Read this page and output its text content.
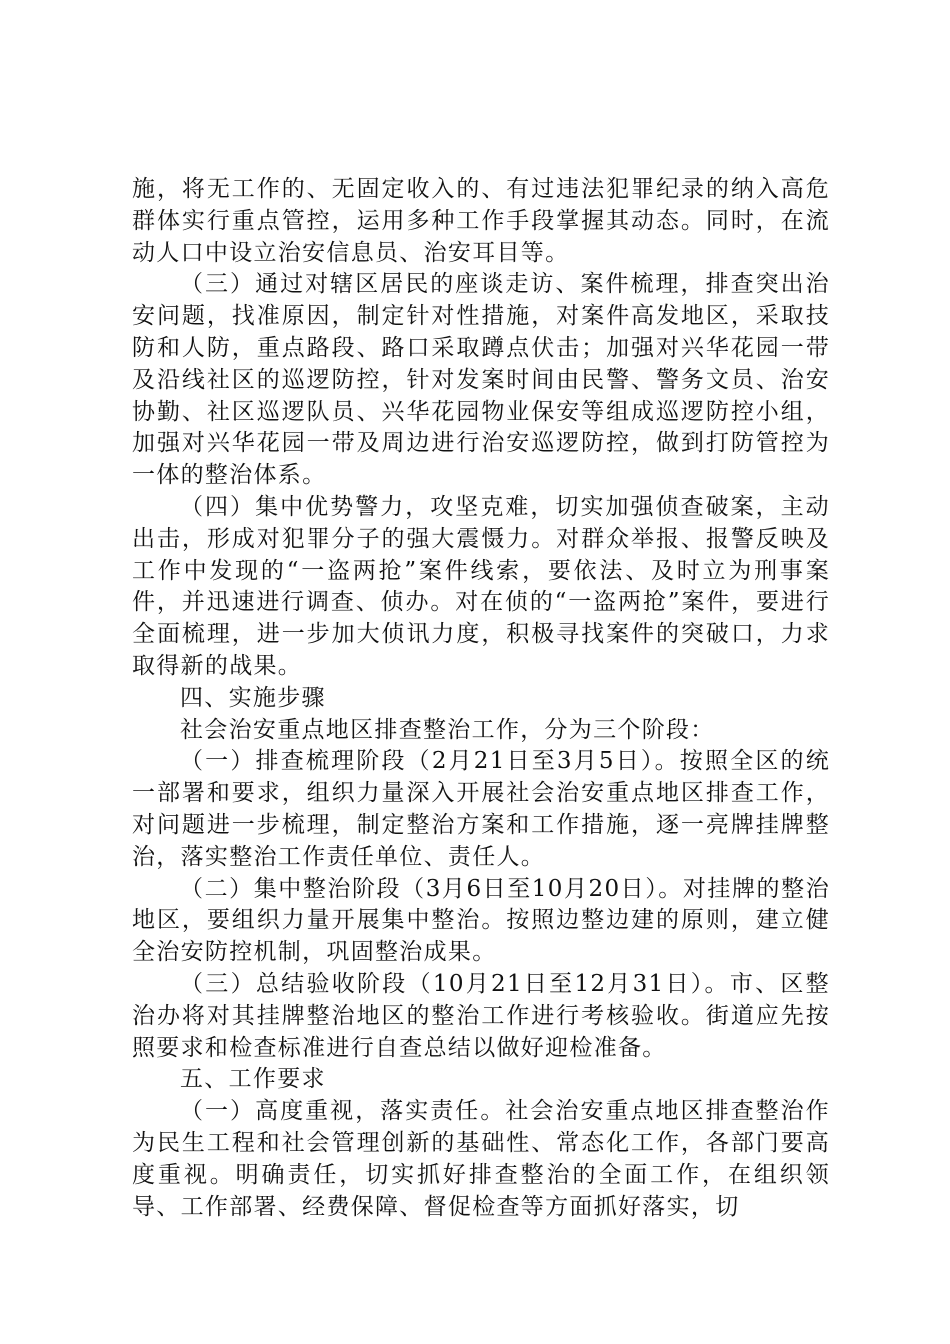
施，将无工作的、无固定收入的、有过违法犯罪纪录的纳入高危群体实行重点管控，运用多种工作手段掌握其动态。同时，在流动人口中设立治安信息员、治安耳目等。

（三）通过对辖区居民的座谈走访、案件梳理，排查突出治安问题，找准原因，制定针对性措施，对案件高发地区，采取技防和人防，重点路段、路口采取蹲点伏击；加强对兴华花园一带及沿线社区的巡逻防控，针对发案时间由民警、警务文员、治安协勤、社区巡逻队员、兴华花园物业保安等组成巡逻防控小组，加强对兴华花园一带及周边进行治安巡逻防控，做到打防管控为一体的整治体系。

（四）集中优势警力，攻坚克难，切实加强侦查破案，主动出击，形成对犯罪分子的强大震慑力。对群众举报、报警反映及工作中发现的“一盗两抢”案件线索，要依法、及时立为刑事案件，并迅速进行调查、侦办。对在侦的“一盗两抢”案件，要进行全面梳理，进一步加大侦讯力度，积极寻找案件的突破口，力求取得新的战果。

四、实施步骤

社会治安重点地区排查整治工作，分为三个阶段：

（一）排查梳理阶段（2月21日至3月5日）。按照全区的统一部署和要求，组织力量深入开展社会治安重点地区排查工作，对问题进一步梳理，制定整治方案和工作措施，逐一亮牌挂牌整治，落实整治工作责任单位、责任人。

（二）集中整治阶段（3月6日至10月20日）。对挂牌的整治地区，要组织力量开展集中整治。按照边整边建的原则，建立健全治安防控机制，巩固整治成果。

（三）总结验收阶段（10月21日至12月31日）。市、区整治办将对其挂牌整治地区的整治工作进行考核验收。街道应先按照要求和检查标准进行自查总结以做好迎检准备。

五、工作要求

（一）高度重视，落实责任。社会治安重点地区排查整治作为民生工程和社会管理创新的基础性、常态化工作，各部门要高度重视。明确责任，切实抓好排查整治的全面工作，在组织领导、工作部署、经费保障、督促检查等方面抓好落实，切
